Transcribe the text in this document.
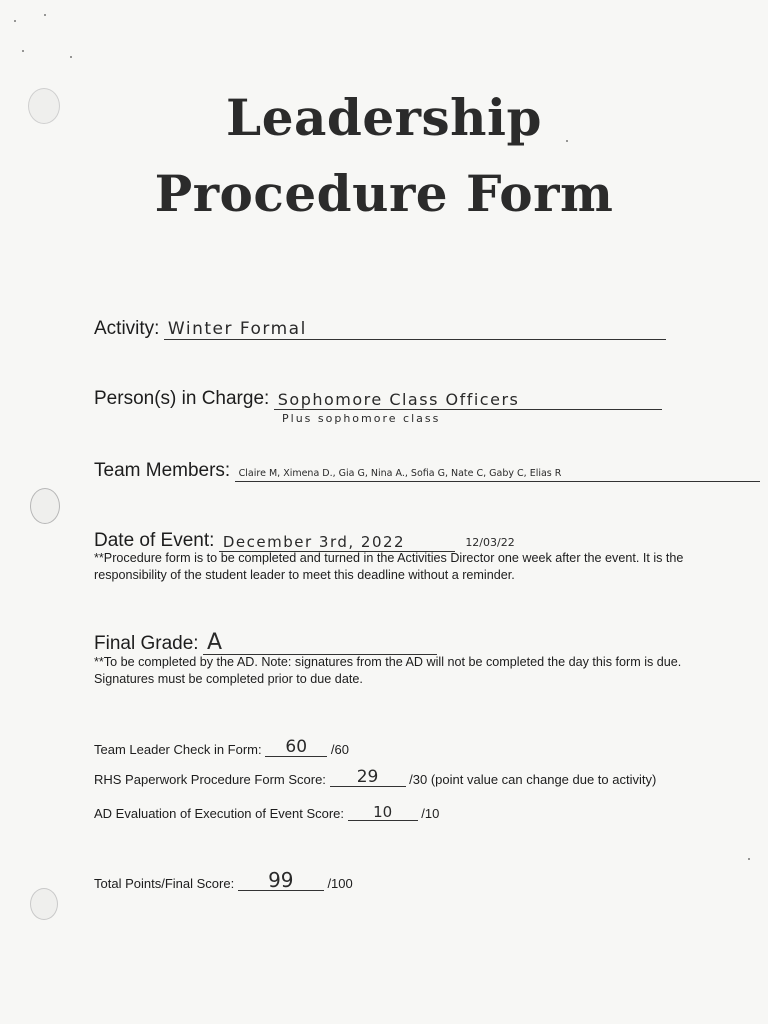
Leadership
Procedure Form
Activity: Winter Formal
Person(s) in Charge: Sophomore Class Officers
Plus sophomore class
Team Members: Claire M, Ximena D., Gia G, Nina A., Sofia G, Nate C, Gaby C, Elias R
Date of Event: December 3rd, 2022	12/03/22
**Procedure form is to be completed and turned in the Activities Director one week after the event. It is the responsibility of the student leader to meet this deadline without a reminder.
Final Grade: A
**To be completed by the AD. Note: signatures from the AD will not be completed the day this form is due. Signatures must be completed prior to due date.
Team Leader Check in Form: 60 /60
RHS Paperwork Procedure Form Score: 29 /30 (point value can change due to activity)
AD Evaluation of Execution of Event Score: 10 /10
Total Points/Final Score: 99	/100
